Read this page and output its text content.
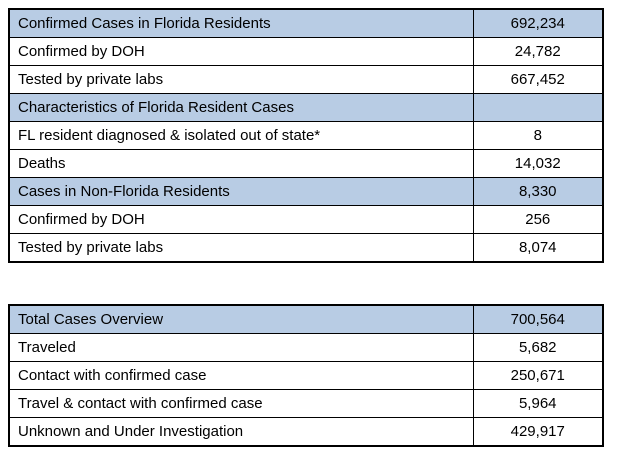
Confirmed Cases in Florida Residents	692,234
Confirmed by DOH	24,782
Tested by private labs	667,452
Characteristics of Florida Resident Cases	
FL resident diagnosed & isolated out of state*	8
Deaths	14,032
Cases in Non-Florida Residents	8,330
Confirmed by DOH	256
Tested by private labs	8,074
Total Cases Overview	700,564
Traveled	5,682
Contact with confirmed case	250,671
Travel & contact with confirmed case	5,964
Unknown and Under Investigation	429,917
